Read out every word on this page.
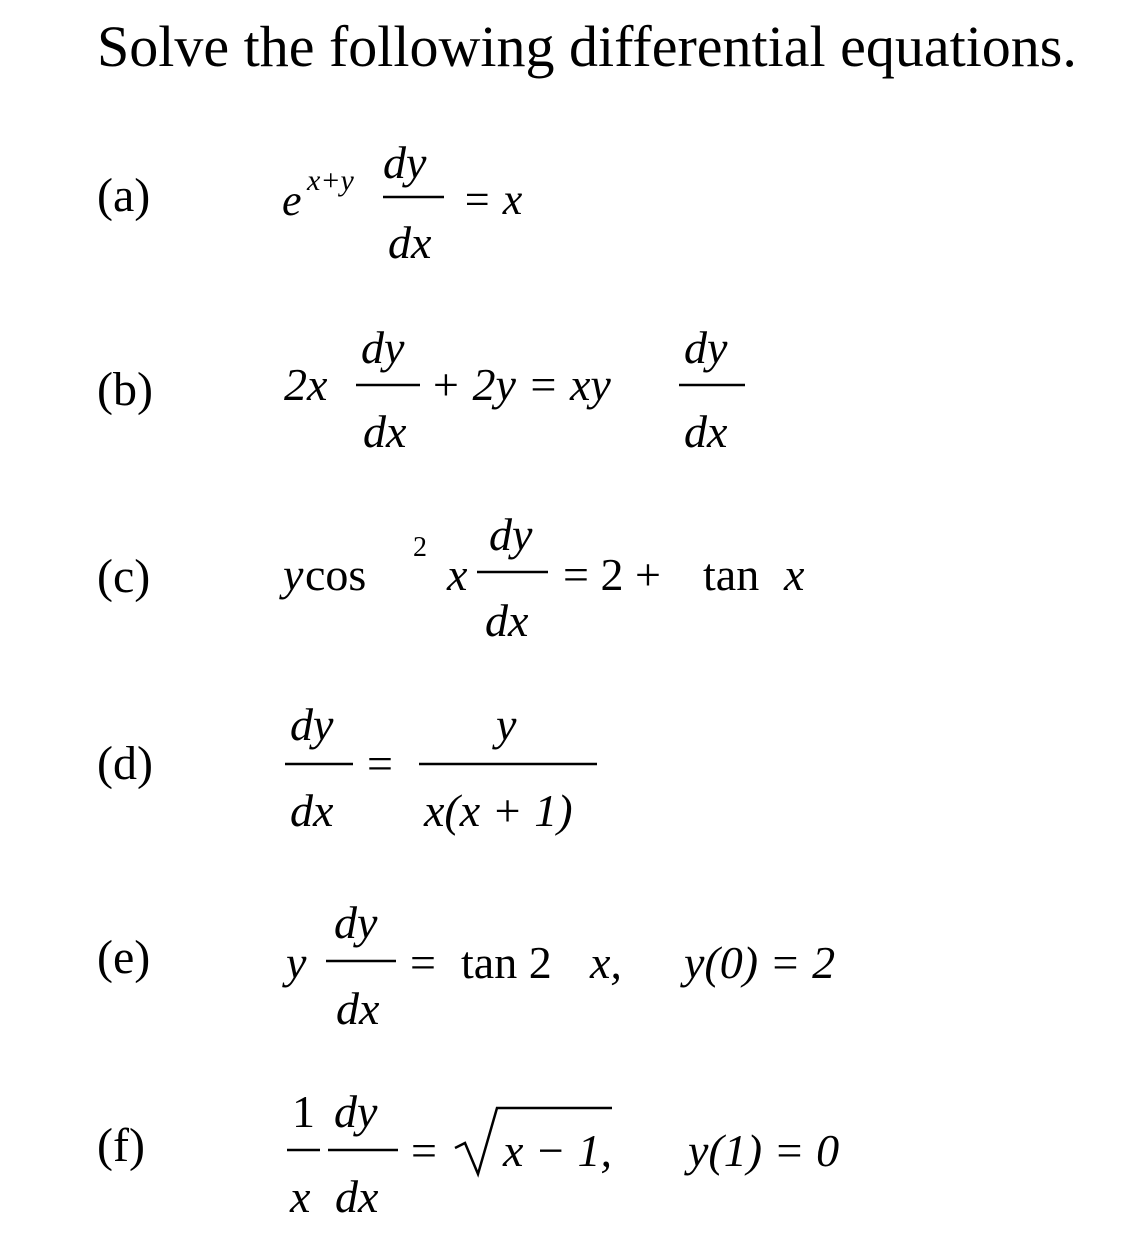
Solve the following differential equations.
(a)
(b)
(c)
(d)
(e)
(f)
e x+y dy
dx
= x
2x
dy
dx
+ 2y = xy
dy
dx
y cos
2
x
dy
dx
= 2 + tan x
dy
dx
=
y
x(x + 1)
y
dy
dx
= tan 2 x, y(0) = 2
1
x
dy
dx
= x − 1, y(1) = 0
